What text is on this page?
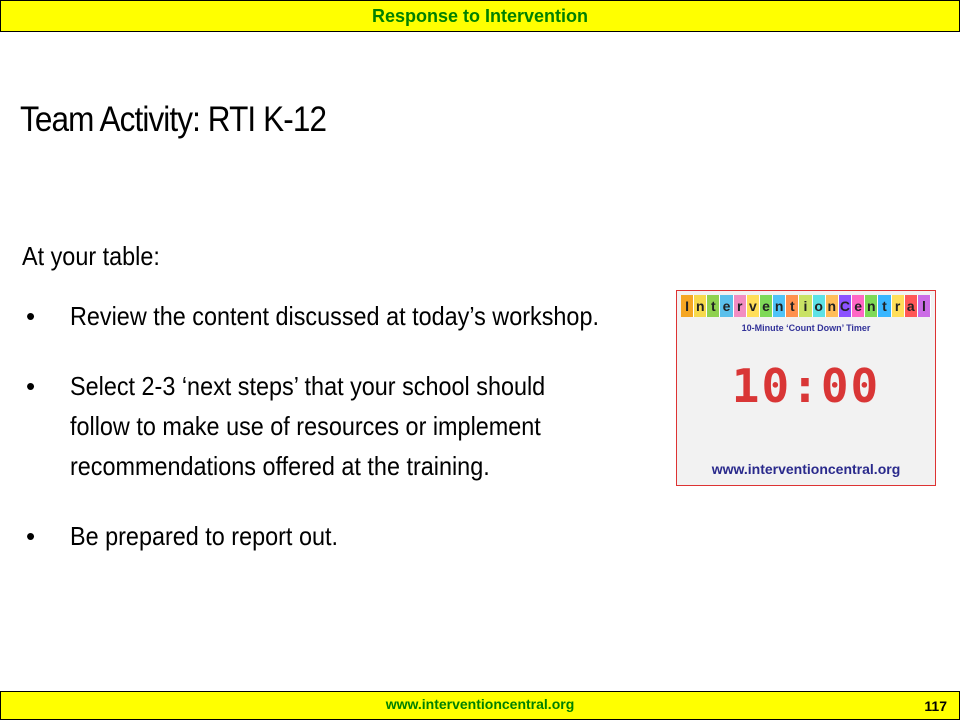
Response to Intervention
Team Activity: RTI K-12
At your table:
• Review the content discussed at today’s workshop.
• Select 2-3 ‘next steps’ that your school should follow to make use of resources or implement recommendations offered at the training.
• Be prepared to report out.
I n t e r v e n t i o n C e n t r a l
10-Minute ‘Count Down’ Timer
10:00
www.interventioncentral.org
www.interventioncentral.org	117
